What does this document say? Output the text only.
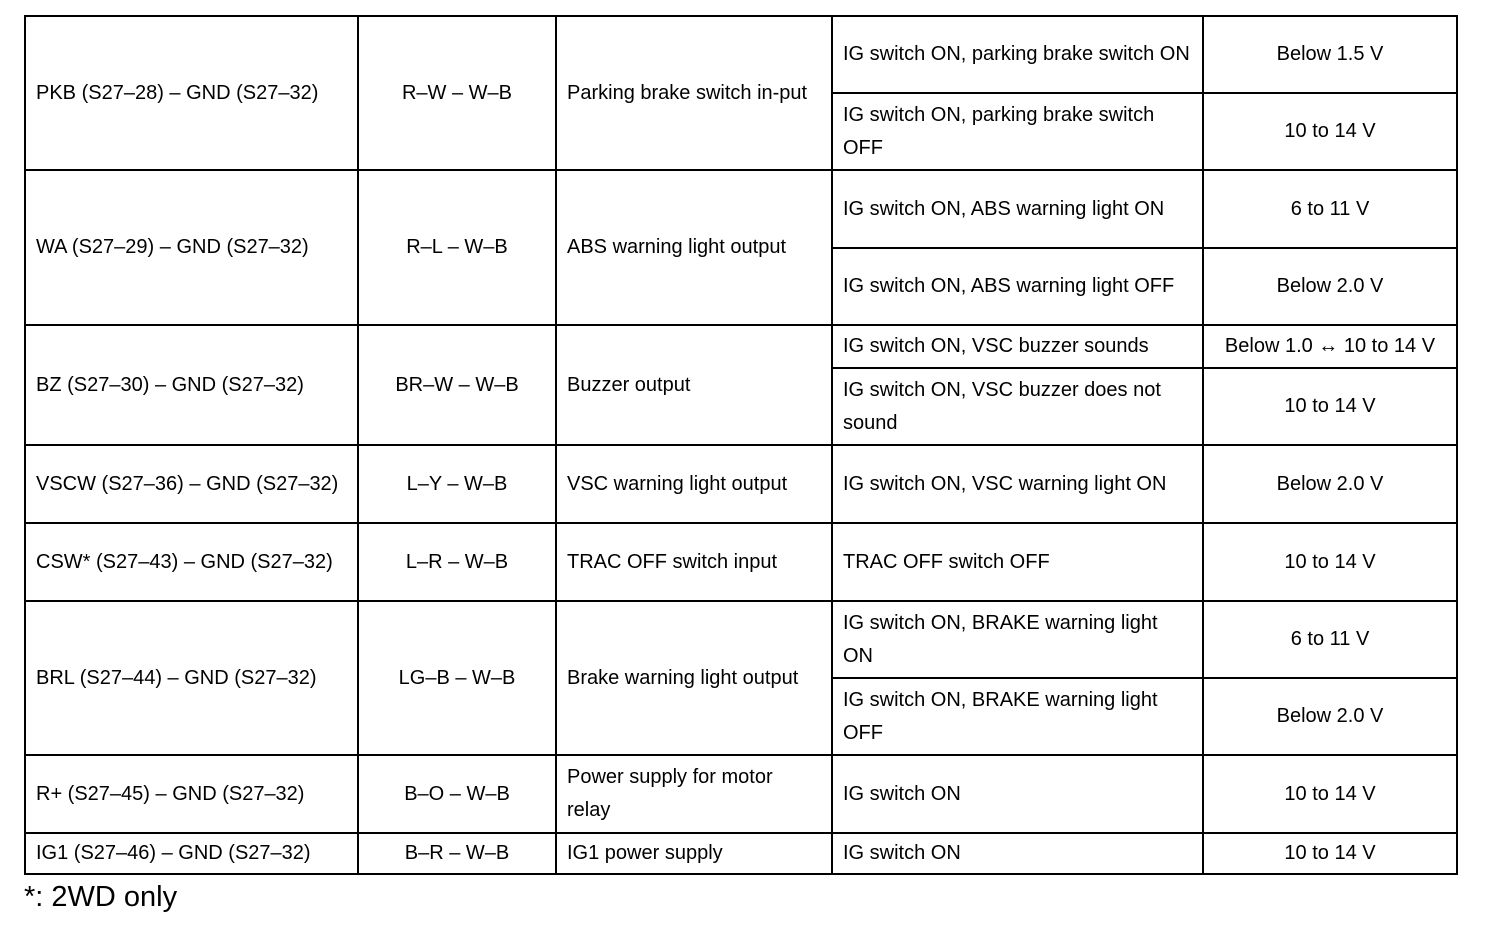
PKB (S27–28) – GND (S27–32)	R–W – W–B	Parking brake switch in-put	IG switch ON, parking brake switch ON	Below 1.5 V
			IG switch ON, parking brake switch OFF	10 to 14 V
WA (S27–29) – GND (S27–32)	R–L – W–B	ABS warning light output	IG switch ON, ABS warning light ON	6 to 11 V
			IG switch ON, ABS warning light OFF	Below 2.0 V
BZ (S27–30) – GND (S27–32)	BR–W – W–B	Buzzer output	IG switch ON, VSC buzzer sounds	Below 1.0 ↔ 10 to 14 V
			IG switch ON, VSC buzzer does not sound	10 to 14 V
VSCW (S27–36) – GND (S27–32)	L–Y – W–B	VSC warning light output	IG switch ON, VSC warning light ON	Below 2.0 V
CSW* (S27–43) – GND (S27–32)	L–R – W–B	TRAC OFF switch input	TRAC OFF switch OFF	10 to 14 V
BRL (S27–44) – GND (S27–32)	LG–B – W–B	Brake warning light output	IG switch ON, BRAKE warning light ON	6 to 11 V
			IG switch ON, BRAKE warning light OFF	Below 2.0 V
R+ (S27–45) – GND (S27–32)	B–O – W–B	Power supply for motor relay	IG switch ON	10 to 14 V
IG1 (S27–46) – GND (S27–32)	B–R – W–B	IG1 power supply	IG switch ON	10 to 14 V
*: 2WD only
